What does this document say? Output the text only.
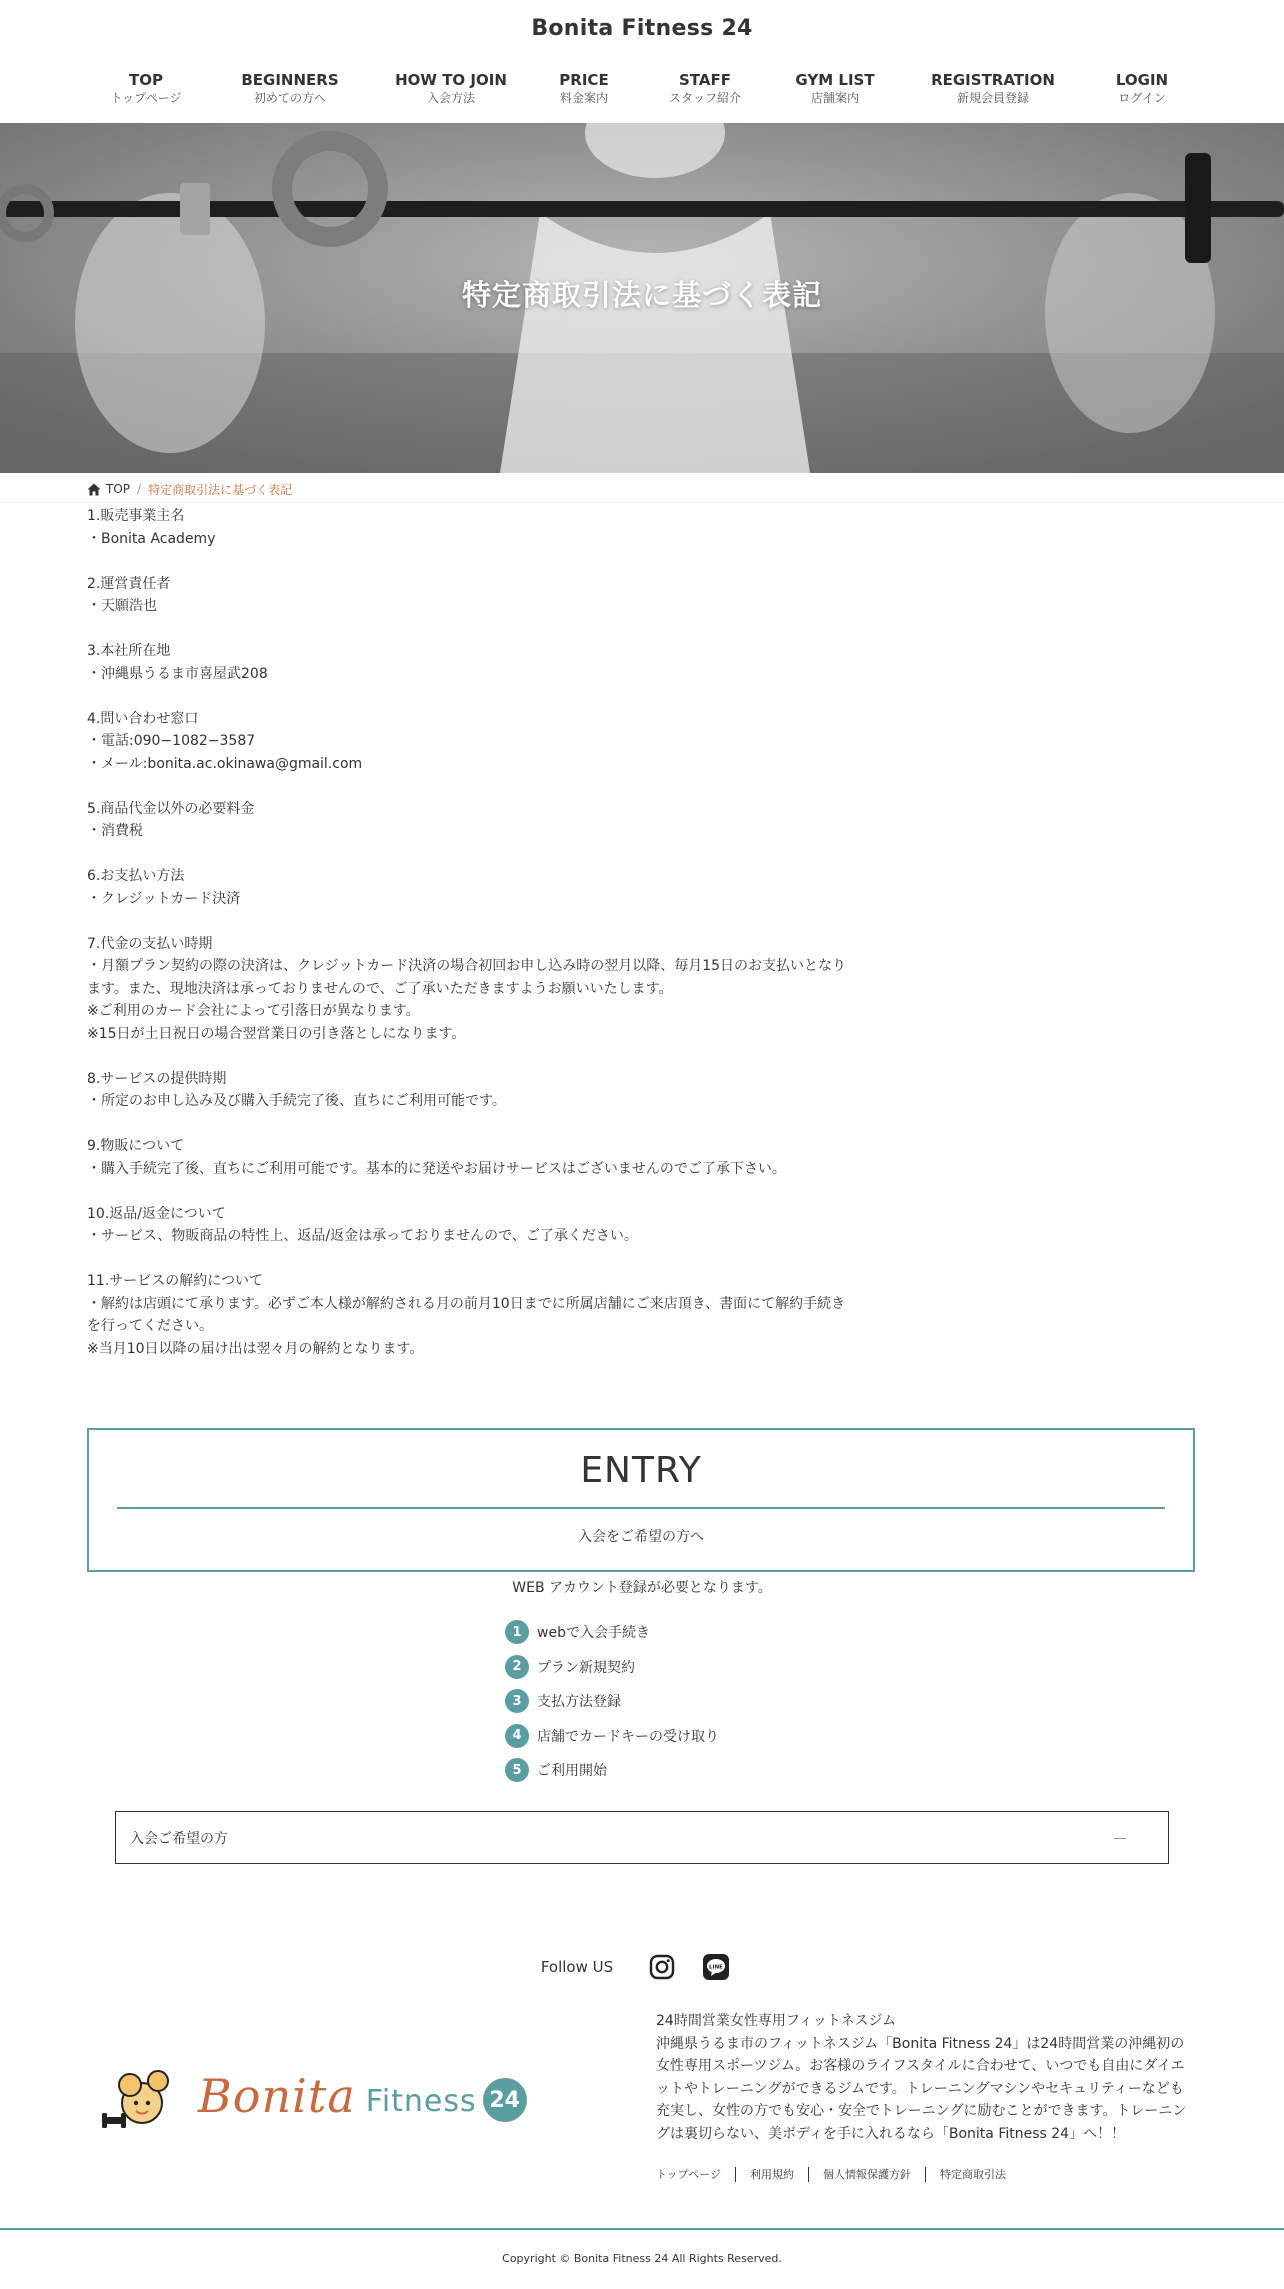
Bonita Fitness 24
TOP
トップページ
BEGINNERS
初めての方へ
HOW TO JOIN
入会方法
PRICE
料金案内
STAFF
スタッフ紹介
GYM LIST
店舗案内
REGISTRATION
新規会員登録
LOGIN
ログイン
特定商取引法に基づく表記
TOP / 特定商取引法に基づく表記

1.販売事業主名
・Bonita Academy

2.運営責任者
・天願浩也

3.本社所在地
・沖縄県うるま市喜屋武208

4.問い合わせ窓口
・電話:090−1082−3587
・メール:bonita.ac.okinawa@gmail.com

5.商品代金以外の必要料金
・消費税

6.お支払い方法
・クレジットカード決済

7.代金の支払い時期
・月額プラン契約の際の決済は、クレジットカード決済の場合初回お申し込み時の翌月以降、毎月15日のお支払いとなります。また、現地決済は承っておりませんので、ご了承いただきますようお願いいたします。
※ご利用のカード会社によって引落日が異なります。
※15日が土日祝日の場合翌営業日の引き落としになります。

8.サービスの提供時期
・所定のお申し込み及び購入手続完了後、直ちにご利用可能です。

9.物販について
・購入手続完了後、直ちにご利用可能です。基本的に発送やお届けサービスはございませんのでご了承下さい。

10.返品/返金について
・サービス、物販商品の特性上、返品/返金は承っておりませんので、ご了承ください。

11.サービスの解約について
・解約は店頭にて承ります。必ずご本人様が解約される月の前月10日までに所属店舗にご来店頂き、書面にて解約手続きを行ってください。
※当月10日以降の届け出は翌々月の解約となります。

ENTRY
入会をご希望の方へ
WEB アカウント登録が必要となります。
1	webで入会手続き
2	プラン新規契約
3	支払方法登録
4	店舗でカードキーの受け取り
5	ご利用開始
入会ご希望の方
Follow US	LINE
Bonita Fitness 24
24時間営業女性専用フィットネスジム
沖縄県うるま市のフィットネスジム「Bonita Fitness 24」は24時間営業の沖縄初の女性専用スポーツジム。お客様のライフスタイルに合わせて、いつでも自由にダイエットやトレーニングができるジムです。トレーニングマシンやセキュリティーなども充実し、女性の方でも安心・安全でトレーニングに励むことができます。トレーニングは裏切らない、美ボディを手に入れるなら「Bonita Fitness 24」へ！！
トップページ	利用規約	個人情報保護方針	特定商取引法
Copyright © Bonita Fitness 24 All Rights Reserved.
